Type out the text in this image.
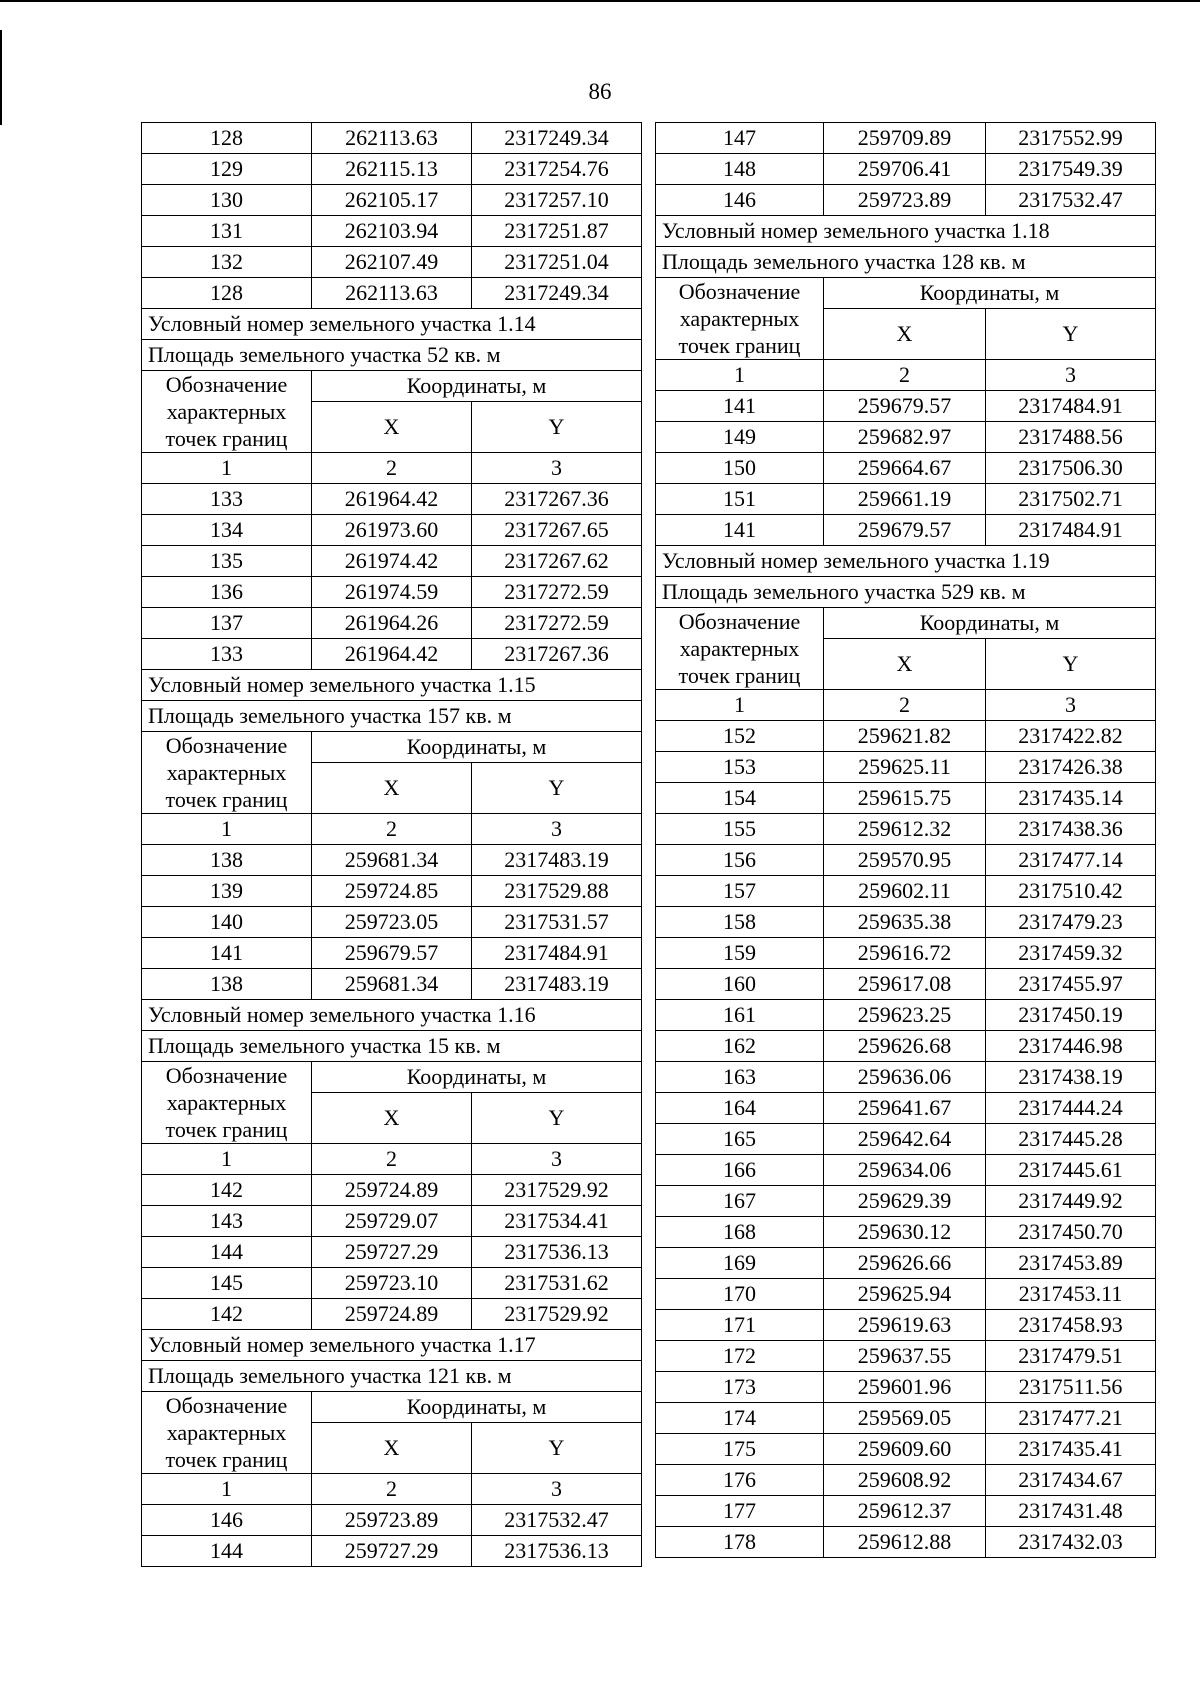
86
128	262113.63	2317249.34
129	262115.13	2317254.76
130	262105.17	2317257.10
131	262103.94	2317251.87
132	262107.49	2317251.04
128	262113.63	2317249.34
Условный номер земельного участка 1.14		
Площадь земельного участка 52 кв. м		
Обозначение
характерных
точек границ	Координаты, м	
	X	Y
1	2	3
133	261964.42	2317267.36
134	261973.60	2317267.65
135	261974.42	2317267.62
136	261974.59	2317272.59
137	261964.26	2317272.59
133	261964.42	2317267.36
Условный номер земельного участка 1.15		
Площадь земельного участка 157 кв. м		
Обозначение
характерных
точек границ	Координаты, м	
	X	Y
1	2	3
138	259681.34	2317483.19
139	259724.85	2317529.88
140	259723.05	2317531.57
141	259679.57	2317484.91
138	259681.34	2317483.19
Условный номер земельного участка 1.16		
Площадь земельного участка 15 кв. м		
Обозначение
характерных
точек границ	Координаты, м	
	X	Y
1	2	3
142	259724.89	2317529.92
143	259729.07	2317534.41
144	259727.29	2317536.13
145	259723.10	2317531.62
142	259724.89	2317529.92
Условный номер земельного участка 1.17		
Площадь земельного участка 121 кв. м		
Обозначение
характерных
точек границ	Координаты, м	
	X	Y
1	2	3
146	259723.89	2317532.47
144	259727.29	2317536.13
147	259709.89	2317552.99
148	259706.41	2317549.39
146	259723.89	2317532.47
Условный номер земельного участка 1.18		
Площадь земельного участка 128 кв. м		
Обозначение
характерных
точек границ	Координаты, м	
	X	Y
1	2	3
141	259679.57	2317484.91
149	259682.97	2317488.56
150	259664.67	2317506.30
151	259661.19	2317502.71
141	259679.57	2317484.91
Условный номер земельного участка 1.19		
Площадь земельного участка 529 кв. м		
Обозначение
характерных
точек границ	Координаты, м	
	X	Y
1	2	3
152	259621.82	2317422.82
153	259625.11	2317426.38
154	259615.75	2317435.14
155	259612.32	2317438.36
156	259570.95	2317477.14
157	259602.11	2317510.42
158	259635.38	2317479.23
159	259616.72	2317459.32
160	259617.08	2317455.97
161	259623.25	2317450.19
162	259626.68	2317446.98
163	259636.06	2317438.19
164	259641.67	2317444.24
165	259642.64	2317445.28
166	259634.06	2317445.61
167	259629.39	2317449.92
168	259630.12	2317450.70
169	259626.66	2317453.89
170	259625.94	2317453.11
171	259619.63	2317458.93
172	259637.55	2317479.51
173	259601.96	2317511.56
174	259569.05	2317477.21
175	259609.60	2317435.41
176	259608.92	2317434.67
177	259612.37	2317431.48
178	259612.88	2317432.03
